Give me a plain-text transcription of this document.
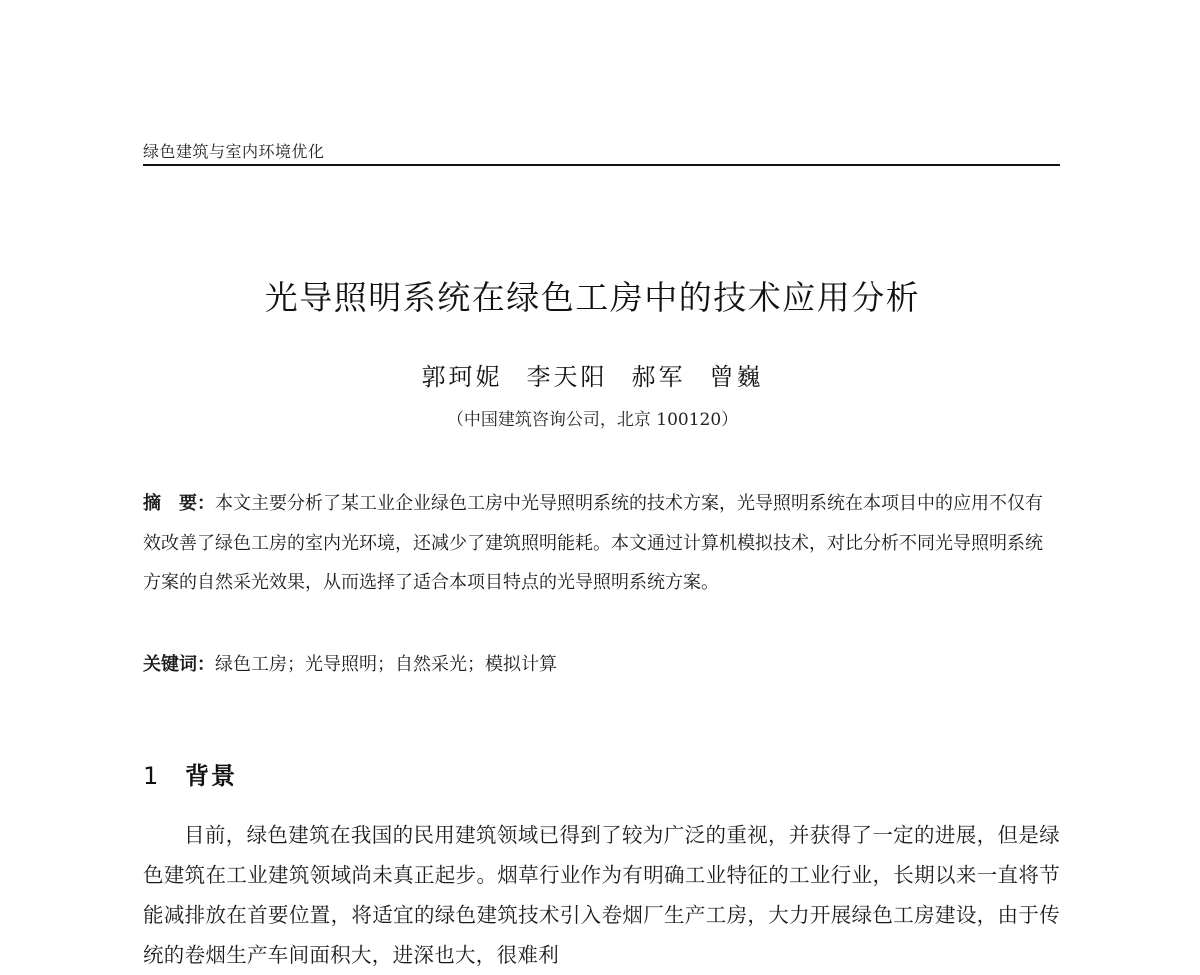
绿色建筑与室内环境优化
光导照明系统在绿色工房中的技术应用分析
郭珂妮 李天阳 郝军 曾巍
（中国建筑咨询公司，北京 100120）
摘　要：本文主要分析了某工业企业绿色工房中光导照明系统的技术方案，光导照明系统在本项目中的应用不仅有效改善了绿色工房的室内光环境，还减少了建筑照明能耗。本文通过计算机模拟技术，对比分析不同光导照明系统方案的自然采光效果，从而选择了适合本项目特点的光导照明系统方案。
关键词：绿色工房；光导照明；自然采光；模拟计算
1 背景
目前，绿色建筑在我国的民用建筑领域已得到了较为广泛的重视，并获得了一定的进展，但是绿色建筑在工业建筑领域尚未真正起步。烟草行业作为有明确工业特征的工业行业，长期以来一直将节能减排放在首要位置，将适宜的绿色建筑技术引入卷烟厂生产工房，大力开展绿色工房建设，由于传统的卷烟生产车间面积大，进深也大，很难利
